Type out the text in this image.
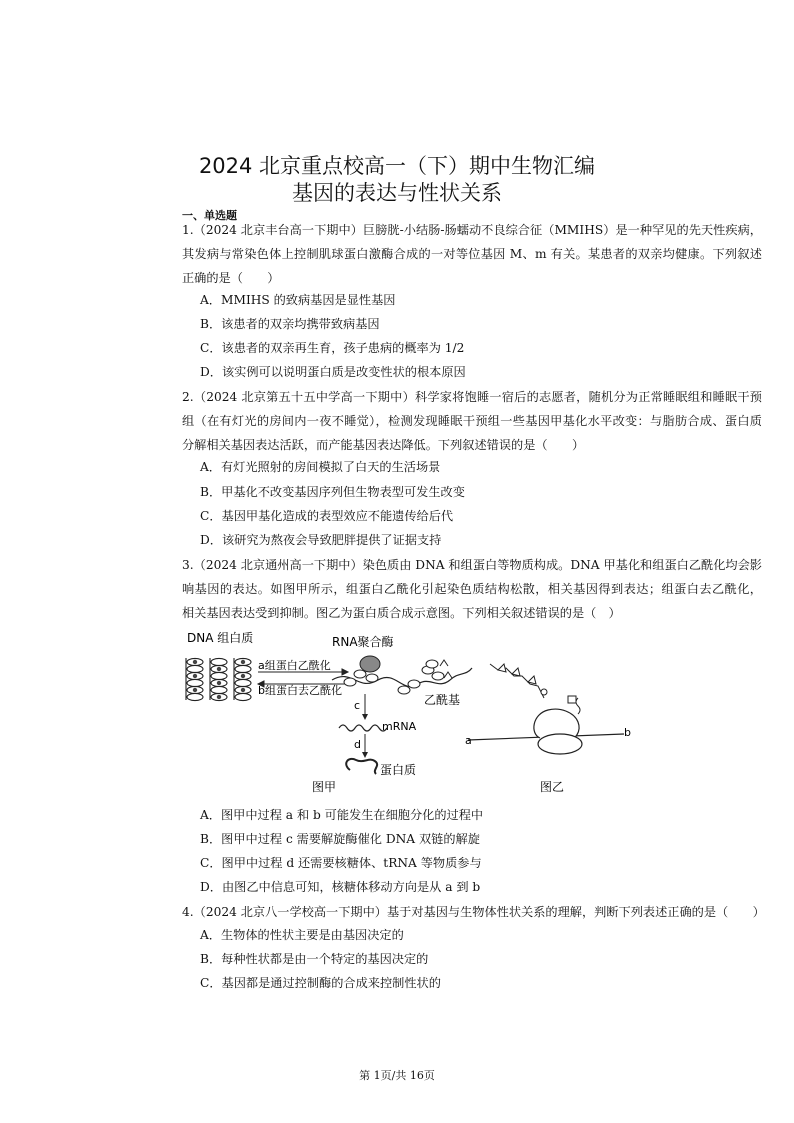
2024 北京重点校高一（下）期中生物汇编
基因的表达与性状关系
一、单选题
1.（2024 北京丰台高一下期中）巨膀胱-小结肠-肠蠕动不良综合征（MMIHS）是一种罕见的先天性疾病，
其发病与常染色体上控制肌球蛋白激酶合成的一对等位基因 M、m 有关。某患者的双亲均健康。下列叙述
正确的是（　　）
A．MMIHS 的致病基因是显性基因
B．该患者的双亲均携带致病基因
C．该患者的双亲再生育，孩子患病的概率为 1/2
D．该实例可以说明蛋白质是改变性状的根本原因
2.（2024 北京第五十五中学高一下期中）科学家将饱睡一宿后的志愿者，随机分为正常睡眠组和睡眠干预
组（在有灯光的房间内一夜不睡觉），检测发现睡眠干预组一些基因甲基化水平改变：与脂肪合成、蛋白质
分解相关基因表达活跃，而产能基因表达降低。下列叙述错误的是（　　）
A．有灯光照射的房间模拟了白天的生活场景
B．甲基化不改变基因序列但生物表型可发生改变
C．基因甲基化造成的表型效应不能遗传给后代
D．该研究为熬夜会导致肥胖提供了证据支持
3.（2024 北京通州高一下期中）染色质由 DNA 和组蛋白等物质构成。DNA 甲基化和组蛋白乙酰化均会影
响基因的表达。如图甲所示，组蛋白乙酰化引起染色质结构松散，相关基因得到表达；组蛋白去乙酰化，
相关基因表达受到抑制。图乙为蛋白质合成示意图。下列相关叙述错误的是（　）
DNA 组白质
a组蛋白乙酰化
b组蛋白去乙酰化
RNA聚合酶
乙酰基
c
mRNA
d
蛋白质
图甲
a
b
图乙
A．图甲中过程 a 和 b 可能发生在细胞分化的过程中
B．图甲中过程 c 需要解旋酶催化 DNA 双链的解旋
C．图甲中过程 d 还需要核糖体、tRNA 等物质参与
D．由图乙中信息可知，核糖体移动方向是从 a 到 b
4.（2024 北京八一学校高一下期中）基于对基因与生物体性状关系的理解，判断下列表述正确的是（　　）
A．生物体的性状主要是由基因决定的
B．每种性状都是由一个特定的基因决定的
C．基因都是通过控制酶的合成来控制性状的
第 1页/共 16页
